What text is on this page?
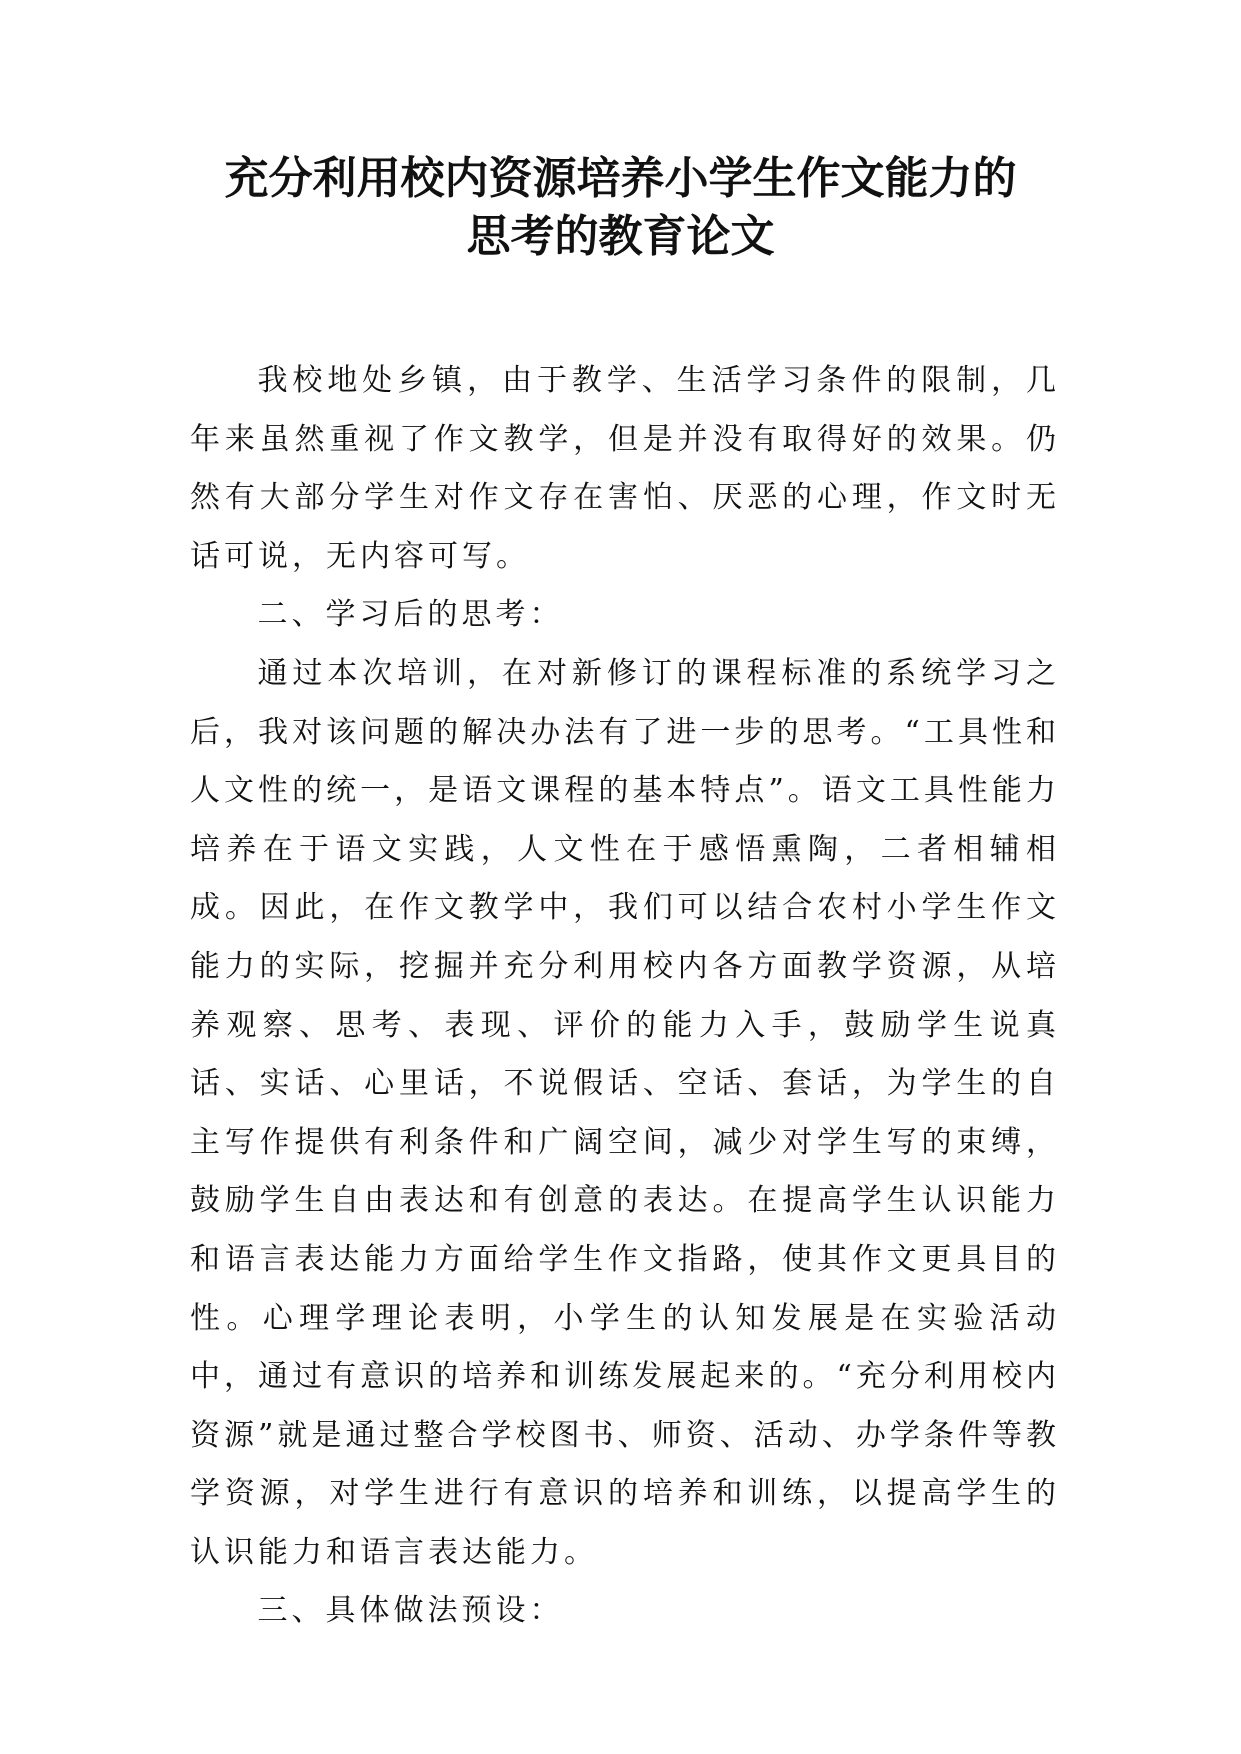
充分利用校内资源培养小学生作文能力的
思考的教育论文

我校地处乡镇，由于教学、生活学习条件的限制，几年来虽然重视了作文教学，但是并没有取得好的效果。仍然有大部分学生对作文存在害怕、厌恶的心理，作文时无话可说，无内容可写。

二、学习后的思考：

通过本次培训，在对新修订的课程标准的系统学习之后，我对该问题的解决办法有了进一步的思考。“工具性和人文性的统一，是语文课程的基本特点”。语文工具性能力培养在于语文实践，人文性在于感悟熏陶，二者相辅相成。因此，在作文教学中，我们可以结合农村小学生作文能力的实际，挖掘并充分利用校内各方面教学资源，从培养观察、思考、表现、评价的能力入手，鼓励学生说真话、实话、心里话，不说假话、空话、套话，为学生的自主写作提供有利条件和广阔空间，减少对学生写的束缚，鼓励学生自由表达和有创意的表达。在提高学生认识能力和语言表达能力方面给学生作文指路，使其作文更具目的性。心理学理论表明，小学生的认知发展是在实验活动中，通过有意识的培养和训练发展起来的。“充分利用校内资源”就是通过整合学校图书、师资、活动、办学条件等教学资源，对学生进行有意识的培养和训练，以提高学生的认识能力和语言表达能力。

三、具体做法预设：
